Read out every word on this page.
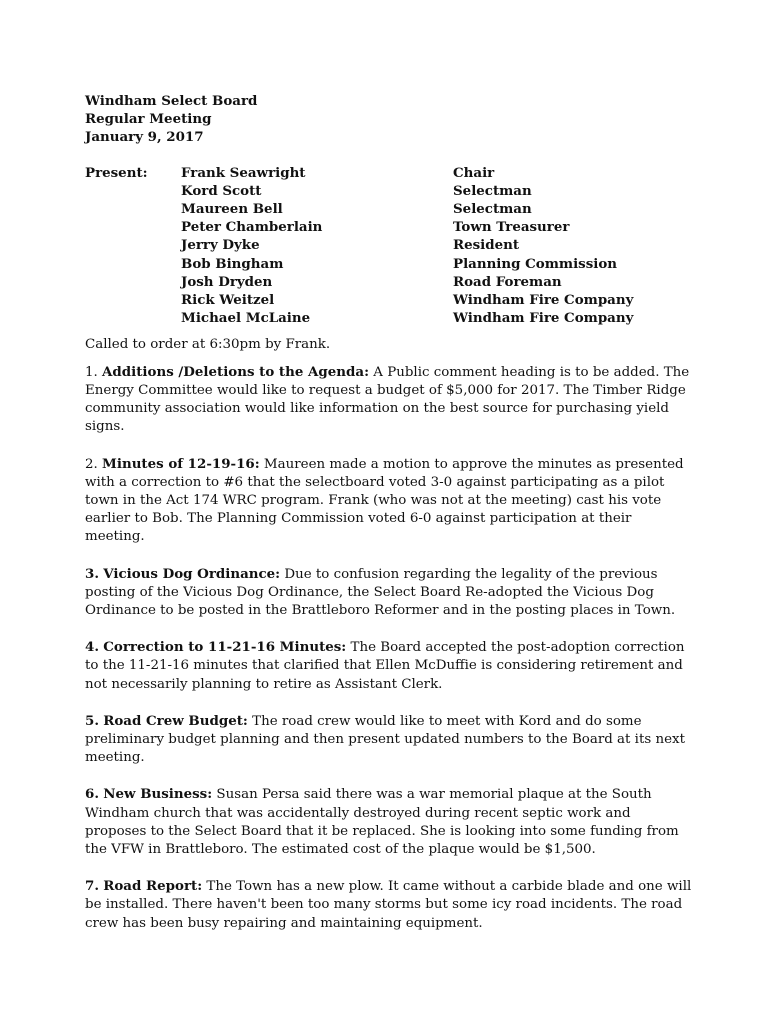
Windham Select Board
Regular Meeting
January 9, 2017
Present: Frank Seawright	Chair
Kord Scott	Selectman
Maureen Bell	Selectman
Peter Chamberlain	Town Treasurer
Jerry Dyke	Resident
Bob Bingham	Planning Commission
Josh Dryden	Road Foreman
Rick Weitzel	Windham Fire Company
Michael McLaine	Windham Fire Company
Called to order at 6:30pm by Frank.

1. Additions /Deletions to the Agenda: A Public comment heading is to be added. The Energy Committee would like to request a budget of $5,000 for 2017. The Timber Ridge community association would like information on the best source for purchasing yield signs.

2. Minutes of 12-19-16: Maureen made a motion to approve the minutes as presented with a correction to #6 that the selectboard voted 3-0 against participating as a pilot town in the Act 174 WRC program. Frank (who was not at the meeting) cast his vote earlier to Bob. The Planning Commission voted 6-0 against participation at their meeting.

3. Vicious Dog Ordinance: Due to confusion regarding the legality of the previous posting of the Vicious Dog Ordinance, the Select Board Re-adopted the Vicious Dog Ordinance to be posted in the Brattleboro Reformer and in the posting places in Town.

4. Correction to 11-21-16 Minutes: The Board accepted the post-adoption correction to the 11-21-16 minutes that clarified that Ellen McDuffie is considering retirement and not necessarily planning to retire as Assistant Clerk.

5. Road Crew Budget: The road crew would like to meet with Kord and do some preliminary budget planning and then present updated numbers to the Board at its next meeting.

6. New Business: Susan Persa said there was a war memorial plaque at the South Windham church that was accidentally destroyed during recent septic work and proposes to the Select Board that it be replaced. She is looking into some funding from the VFW in Brattleboro. The estimated cost of the plaque would be $1,500.

7. Road Report: The Town has a new plow. It came without a carbide blade and one will be installed. There haven't been too many storms but some icy road incidents. The road crew has been busy repairing and maintaining equipment.
